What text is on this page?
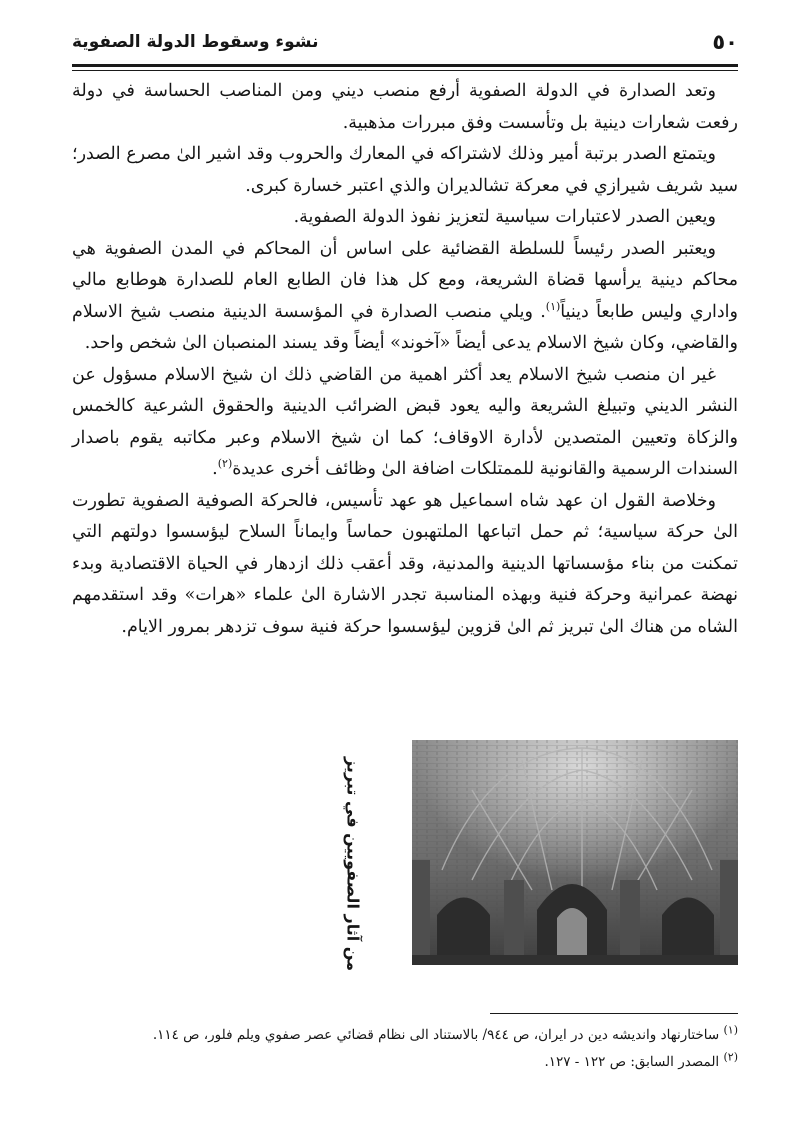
٥٠
نشوء وسقوط الدولة الصفوية

وتعد الصدارة في الدولة الصفوية أرفع منصب ديني ومن المناصب الحساسة في دولة رفعت شعارات دينية بل وتأسست وفق مبررات مذهبية.

ويتمتع الصدر برتبة أمير وذلك لاشتراكه في المعارك والحروب وقد اشير الىٰ مصرع الصدر؛ سيد شريف شيرازي في معركة تشالديران والذي اعتبر خسارة كبرى.

ويعين الصدر لاعتبارات سياسية لتعزيز نفوذ الدولة الصفوية.

ويعتبر الصدر رئيساً للسلطة القضائية على اساس أن المحاكم في المدن الصفوية هي محاكم دينية يرأسها قضاة الشريعة، ومع كل هذا فان الطابع العام للصدارة هوطابع مالي واداري وليس طابعاً دينياً$^{(١)}$. ويلي منصب الصدارة في المؤسسة الدينية منصب شيخ الاسلام والقاضي، وكان شيخ الاسلام يدعى أيضاً «آخوند» أيضاً وقد يسند المنصبان الىٰ شخص واحد.

غير ان منصب شيخ الاسلام يعد أكثر اهمية من القاضي ذلك ان شيخ الاسلام مسؤول عن النشر الديني وتبيلغ الشريعة واليه يعود قبض الضرائب الدينية والحقوق الشرعية كالخمس والزكاة وتعيين المتصدين لأدارة الاوقاف؛ كما ان شيخ الاسلام وعبر مكاتبه يقوم باصدار السندات الرسمية والقانونية للممتلكات اضافة الىٰ وظائف أخرى عديدة$^{(٢)}$.

وخلاصة القول ان عهد شاه اسماعيل هو عهد تأسيس، فالحركة الصوفية الصفوية تطورت الىٰ حركة سياسية؛ ثم حمل اتباعها الملتهبون حماساً وايماناً السلاح ليؤسسوا دولتهم التي تمكنت من بناء مؤسساتها الدينية والمدنية، وقد أعقب ذلك ازدهار في الحياة الاقتصادية وبدء نهضة عمرانية وحركة فنية وبهذه المناسبة تجدر الاشارة الىٰ علماء «هرات» وقد استقدمهم الشاه من هناك الىٰ تبريز ثم الىٰ قزوين ليؤسسوا حركة فنية سوف تزدهر بمرور الايام.

من آثار الصفويين في تبريز
$^{(١)}$ ساختارنهاد وانديشه دين در ايران، ص ٩٤٤/ بالاستناد الى نظام قضائي عصر صفوي ويلم فلور، ص ١١٤.
$^{(٢)}$ المصدر السابق: ص ١٢٢ - ١٢٧.
